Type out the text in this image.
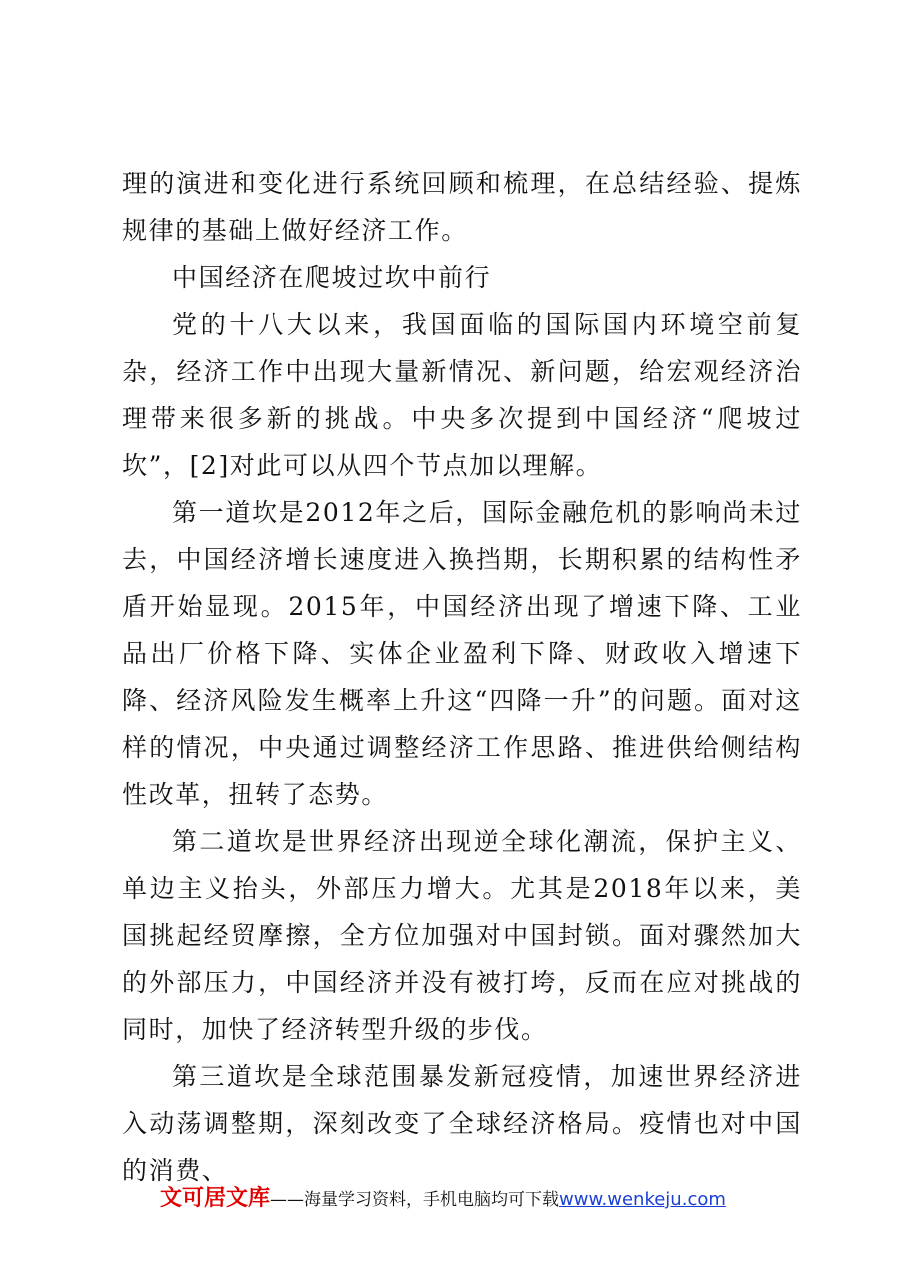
理的演进和变化进行系统回顾和梳理，在总结经验、提炼规律的基础上做好经济工作。

中国经济在爬坡过坎中前行

党的十八大以来，我国面临的国际国内环境空前复杂，经济工作中出现大量新情况、新问题，给宏观经济治理带来很多新的挑战。中央多次提到中国经济“爬坡过坎”，[2]对此可以从四个节点加以理解。

第一道坎是2012年之后，国际金融危机的影响尚未过去，中国经济增长速度进入换挡期，长期积累的结构性矛盾开始显现。2015年，中国经济出现了增速下降、工业品出厂价格下降、实体企业盈利下降、财政收入增速下降、经济风险发生概率上升这“四降一升”的问题。面对这样的情况，中央通过调整经济工作思路、推进供给侧结构性改革，扭转了态势。

第二道坎是世界经济出现逆全球化潮流，保护主义、单边主义抬头，外部压力增大。尤其是2018年以来，美国挑起经贸摩擦，全方位加强对中国封锁。面对骤然加大的外部压力，中国经济并没有被打垮，反而在应对挑战的同时，加快了经济转型升级的步伐。

第三道坎是全球范围暴发新冠疫情，加速世界经济进入动荡调整期，深刻改变了全球经济格局。疫情也对中国的消费、

文可居文库——海量学习资料，手机电脑均可下载www.wenkeju.com
